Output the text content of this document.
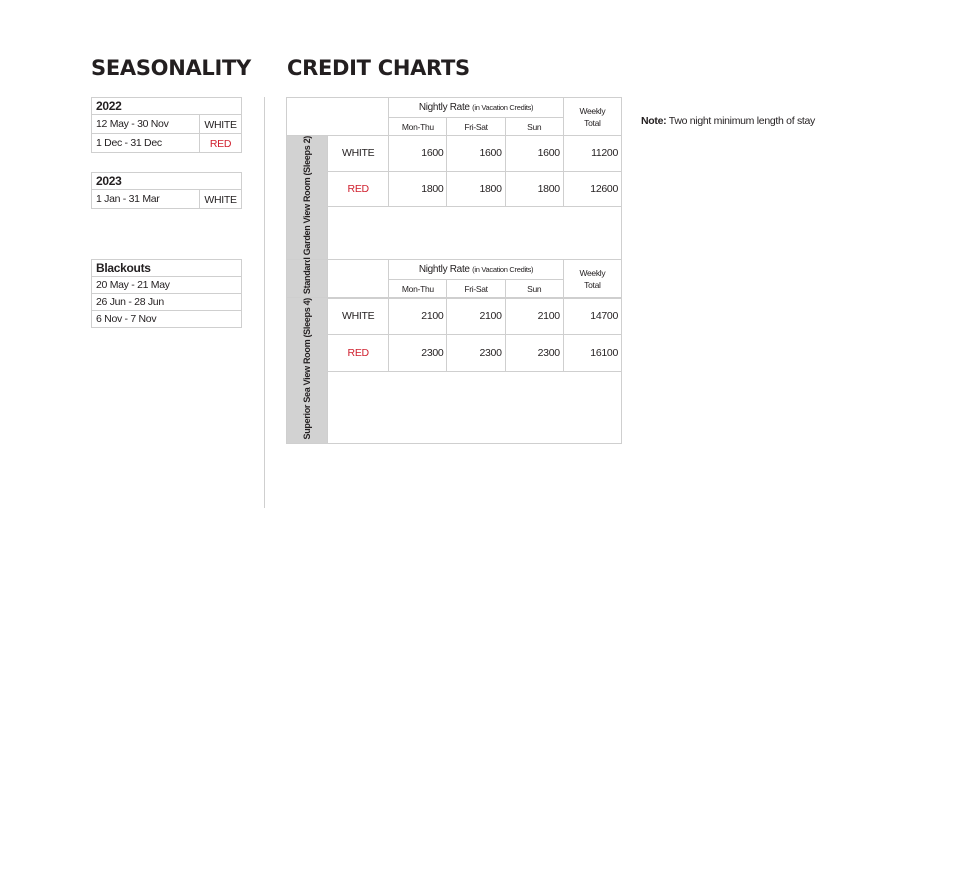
SEASONALITY CREDIT CHARTS
2022	
12 May - 30 Nov	WHITE
1 Dec - 31 Dec	RED
2023
1 Jan - 31 Mar	WHITE
Blackouts
20 May - 21 May
26 Jun - 28 Jun
6 Nov - 7 Nov
		Nightly Rate (in Vacation Credits)			Weekly
Total
		Mon-Thu	Fri-Sat	Sun	

Standard Garden View Room (Sleeps 2)	WHITE	1600	1600	1600	11200
	RED	1800	1800	1800	12600

		Nightly Rate (in Vacation Credits)			Weekly
Total
		Mon-Thu	Fri-Sat	Sun	

Superior Sea View Room (Sleeps 4)	WHITE	2100	2100	2100	14700
	RED	2300	2300	2300	16100

Note: Two night minimum length of stay
